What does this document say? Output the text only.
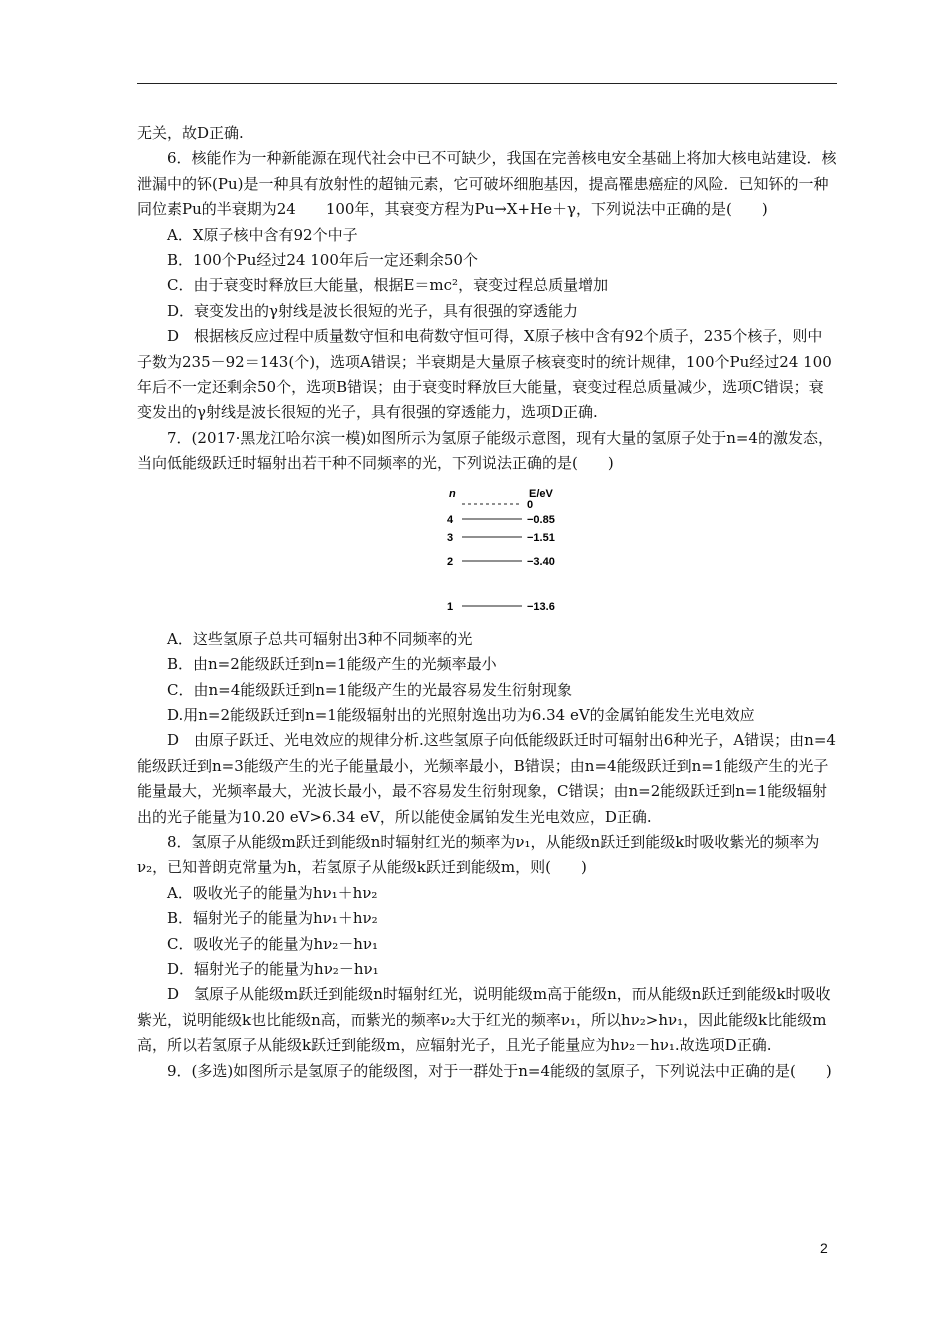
无关，故D正确.

6．核能作为一种新能源在现代社会中已不可缺少，我国在完善核电安全基础上将加大核电站建设．核泄漏中的钚(Pu)是一种具有放射性的超铀元素，它可破坏细胞基因，提高罹患癌症的风险．已知钚的一种同位素Pu的半衰期为24　　100年，其衰变方程为Pu→X+He＋γ，下列说法中正确的是(　　)

A．X原子核中含有92个中子

B．100个Pu经过24 100年后一定还剩余50个

C．由于衰变时释放巨大能量，根据E＝mc²，衰变过程总质量增加

D．衰变发出的γ射线是波长很短的光子，具有很强的穿透能力

D　根据核反应过程中质量数守恒和电荷数守恒可得，X原子核中含有92个质子，235个核子，则中子数为235－92＝143(个)，选项A错误；半衰期是大量原子核衰变时的统计规律，100个Pu经过24 100年后不一定还剩余50个，选项B错误；由于衰变时释放巨大能量，衰变过程总质量减少，选项C错误；衰变发出的γ射线是波长很短的光子，具有很强的穿透能力，选项D正确.

7．(2017·黑龙江哈尔滨一模)如图所示为氢原子能级示意图，现有大量的氢原子处于n=4的激发态，当向低能级跃迁时辐射出若干种不同频率的光，下列说法正确的是(　　)

n	E/eV
0
4	−0.85
3	−1.51
2	−3.40
1	−13.6

A．这些氢原子总共可辐射出3种不同频率的光

B．由n=2能级跃迁到n=1能级产生的光频率最小

C．由n=4能级跃迁到n=1能级产生的光最容易发生衍射现象

D.用n=2能级跃迁到n=1能级辐射出的光照射逸出功为6.34 eV的金属铂能发生光电效应

D　由原子跃迁、光电效应的规律分析.这些氢原子向低能级跃迁时可辐射出6种光子，A错误；由n=4能级跃迁到n=3能级产生的光子能量最小，光频率最小，B错误；由n=4能级跃迁到n=1能级产生的光子能量最大，光频率最大，光波长最小，最不容易发生衍射现象，C错误；由n=2能级跃迁到n=1能级辐射出的光子能量为10.20 eV>6.34 eV，所以能使金属铂发生光电效应，D正确.

8．氢原子从能级m跃迁到能级n时辐射红光的频率为ν₁，从能级n跃迁到能级k时吸收紫光的频率为ν₂，已知普朗克常量为h，若氢原子从能级k跃迁到能级m，则(　　)

A．吸收光子的能量为hν₁＋hν₂

B．辐射光子的能量为hν₁＋hν₂

C．吸收光子的能量为hν₂－hν₁

D．辐射光子的能量为hν₂－hν₁

D　氢原子从能级m跃迁到能级n时辐射红光，说明能级m高于能级n，而从能级n跃迁到能级k时吸收紫光，说明能级k也比能级n高，而紫光的频率ν₂大于红光的频率ν₁，所以hν₂>hν₁，因此能级k比能级m高，所以若氢原子从能级k跃迁到能级m，应辐射光子，且光子能量应为hν₂－hν₁.故选项D正确.

9．(多选)如图所示是氢原子的能级图，对于一群处于n=4能级的氢原子，下列说法中正确的是(　　)

2
